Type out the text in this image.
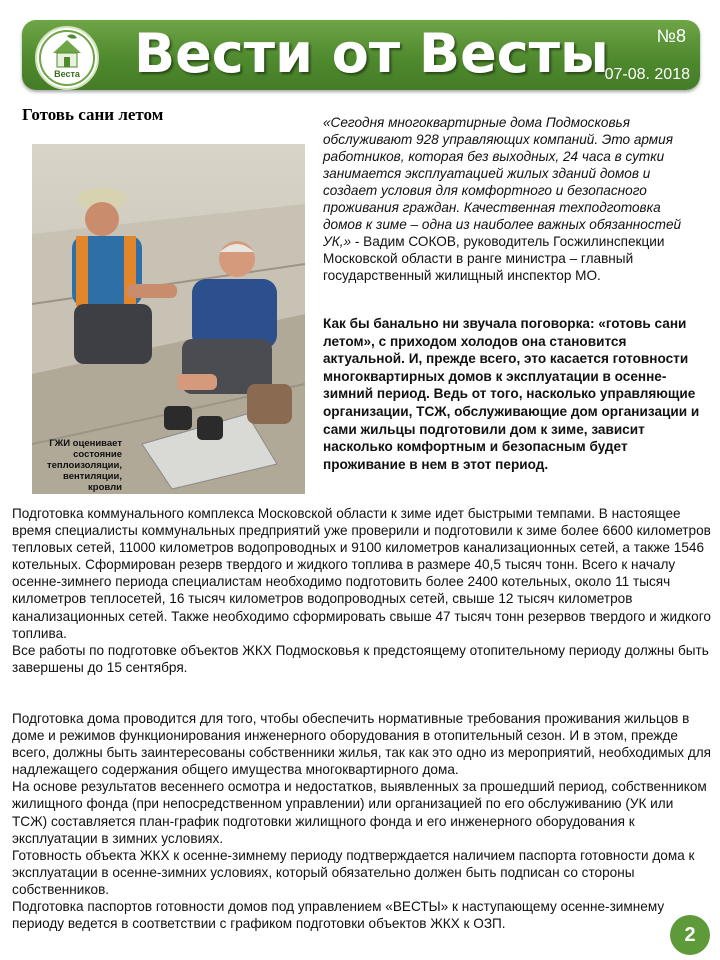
Веста	Вести от Весты	№8
07-08. 2018
Готовь сани летом
ГЖИ оценивает состояние теплоизоляции, вентиляции, кровли

«Сегодня многоквартирные дома Подмосковья обслуживают 928 управляющих компаний. Это армия работников, которая без выходных, 24 часа в сутки занимается эксплуатацией жилых зданий домов и создает условия для комфортного и безопасного проживания граждан. Качественная техподготовка домов к зиме – одна из наиболее важных обязанностей УК,» - Вадим СОКОВ, руководитель Госжилинспекции Московской области в ранге министра – главный государственный жилищный инспектор МО.

Как бы банально ни звучала поговорка: «готовь сани летом», с приходом холодов она становится актуальной. И, прежде всего, это касается готовности многоквартирных домов к эксплуатации в осенне-зимний период. Ведь от того, насколько управляющие организации, ТСЖ, обслуживающие дом организации и сами жильцы подготовили дом к зиме, зависит насколько комфортным и безопасным будет проживание в нем в этот период.

Подготовка коммунального комплекса Московской области к зиме идет быстрыми темпами. В настоящее время специалисты коммунальных предприятий уже проверили и подготовили к зиме более 6600 километров тепловых сетей, 11000 километров водопроводных и 9100 километров канализационных сетей, а также 1546 котельных. Сформирован резерв твердого и жидкого топлива в размере 40,5 тысяч тонн. Всего к началу осенне-зимнего периода специалистам необходимо подготовить более 2400 котельных, около 11 тысяч километров теплосетей, 16 тысяч километров водопроводных сетей, свыше 12 тысяч километров канализационных сетей. Также необходимо сформировать свыше 47 тысяч тонн резервов твердого и жидкого топлива.

Все работы по подготовке объектов ЖКХ Подмосковья к предстоящему отопительному периоду должны быть завершены до 15 сентября.

Подготовка дома проводится для того, чтобы обеспечить нормативные требования проживания жильцов в доме и режимов функционирования инженерного оборудования в отопительный сезон. И в этом, прежде всего, должны быть заинтересованы собственники жилья, так как это одно из мероприятий, необходимых для надлежащего содержания общего имущества многоквартирного дома.

На основе результатов весеннего осмотра и недостатков, выявленных за прошедший период, собственником жилищного фонда (при непосредственном управлении) или организацией по его обслуживанию (УК или ТСЖ) составляется план-график подготовки жилищного фонда и его инженерного оборудования к эксплуатации в зимних условиях.

Готовность объекта ЖКХ к осенне-зимнему периоду подтверждается наличием паспорта готовности дома к эксплуатации в осенне-зимних условиях, который обязательно должен быть подписан со стороны собственников.

Подготовка паспортов готовности домов под управлением «ВЕСТЫ» к наступающему осенне-зимнему периоду ведется в соответствии с графиком подготовки объектов ЖКХ к ОЗП.

2
